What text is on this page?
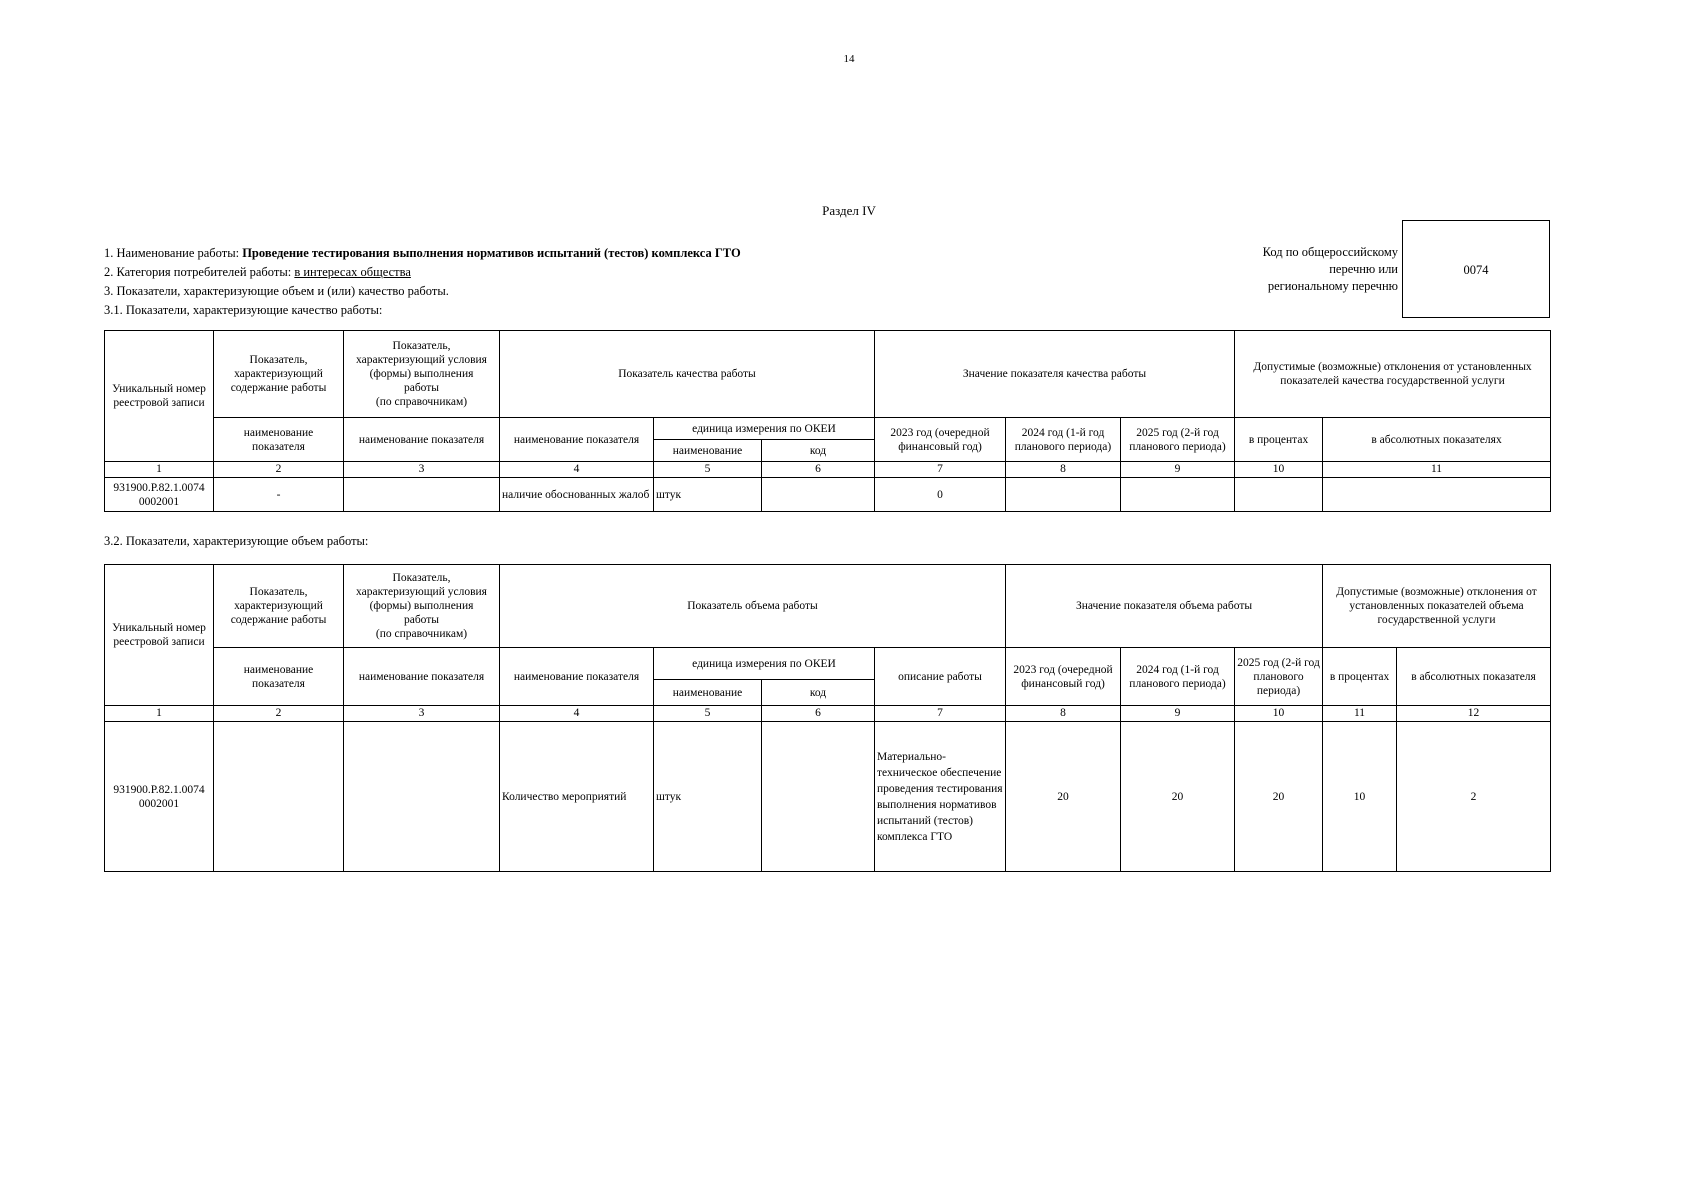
14
Раздел IV
1. Наименование работы: Проведение тестирования выполнения нормативов испытаний (тестов) комплекса ГТО
2. Категория потребителей работы: в интересах общества
3. Показатели, характеризующие объем и (или) качество работы.
3.1. Показатели, характеризующие качество работы:
Код по общероссийскому
перечню или
региональному перечню
0074
Уникальный номер реестровой записи	Показатель, характеризующий содержание работы	Показатель,
характеризующий условия
(формы) выполнения
работы
(по справочникам)	Показатель качества работы			Значение показателя качества работы			Допустимые (возможные) отклонения от установленных показателей качества государственной услуги	
	наименование показателя	наименование показателя	наименование показателя	единица измерения по ОКЕИ		2023 год (очередной финансовый год)	2024 год (1-й год планового периода)	2025 год (2-й год планового периода)	в процентах	в абсолютных показателях
				наименование	код					
1	2	3	4	5	6	7	8	9	10	11
931900.Р.82.1.0074 0002001	-		наличие обоснованных жалоб	штук		0				
3.2. Показатели, характеризующие объем работы:
Уникальный номер реестровой записи	Показатель, характеризующий содержание работы	Показатель,
характеризующий условия
(формы) выполнения
работы
(по справочникам)	Показатель объема работы				Значение показателя объема работы			Допустимые (возможные) отклонения от установленных показателей объема государственной услуги	
	наименование показателя	наименование показателя	наименование показателя	единица измерения по ОКЕИ		описание работы	2023 год (очередной финансовый год)	2024 год (1-й год планового периода)	2025 год (2-й год планового периода)	в процентах	в абсолютных показателя
				наименование	код						
1	2	3	4	5	6	7	8	9	10	11	12
931900.Р.82.1.0074 0002001			Количество мероприятий	штук		Материально-техническое обеспечение проведения тестирования выполнения нормативов испытаний (тестов) комплекса ГТО	20	20	20	10	2
